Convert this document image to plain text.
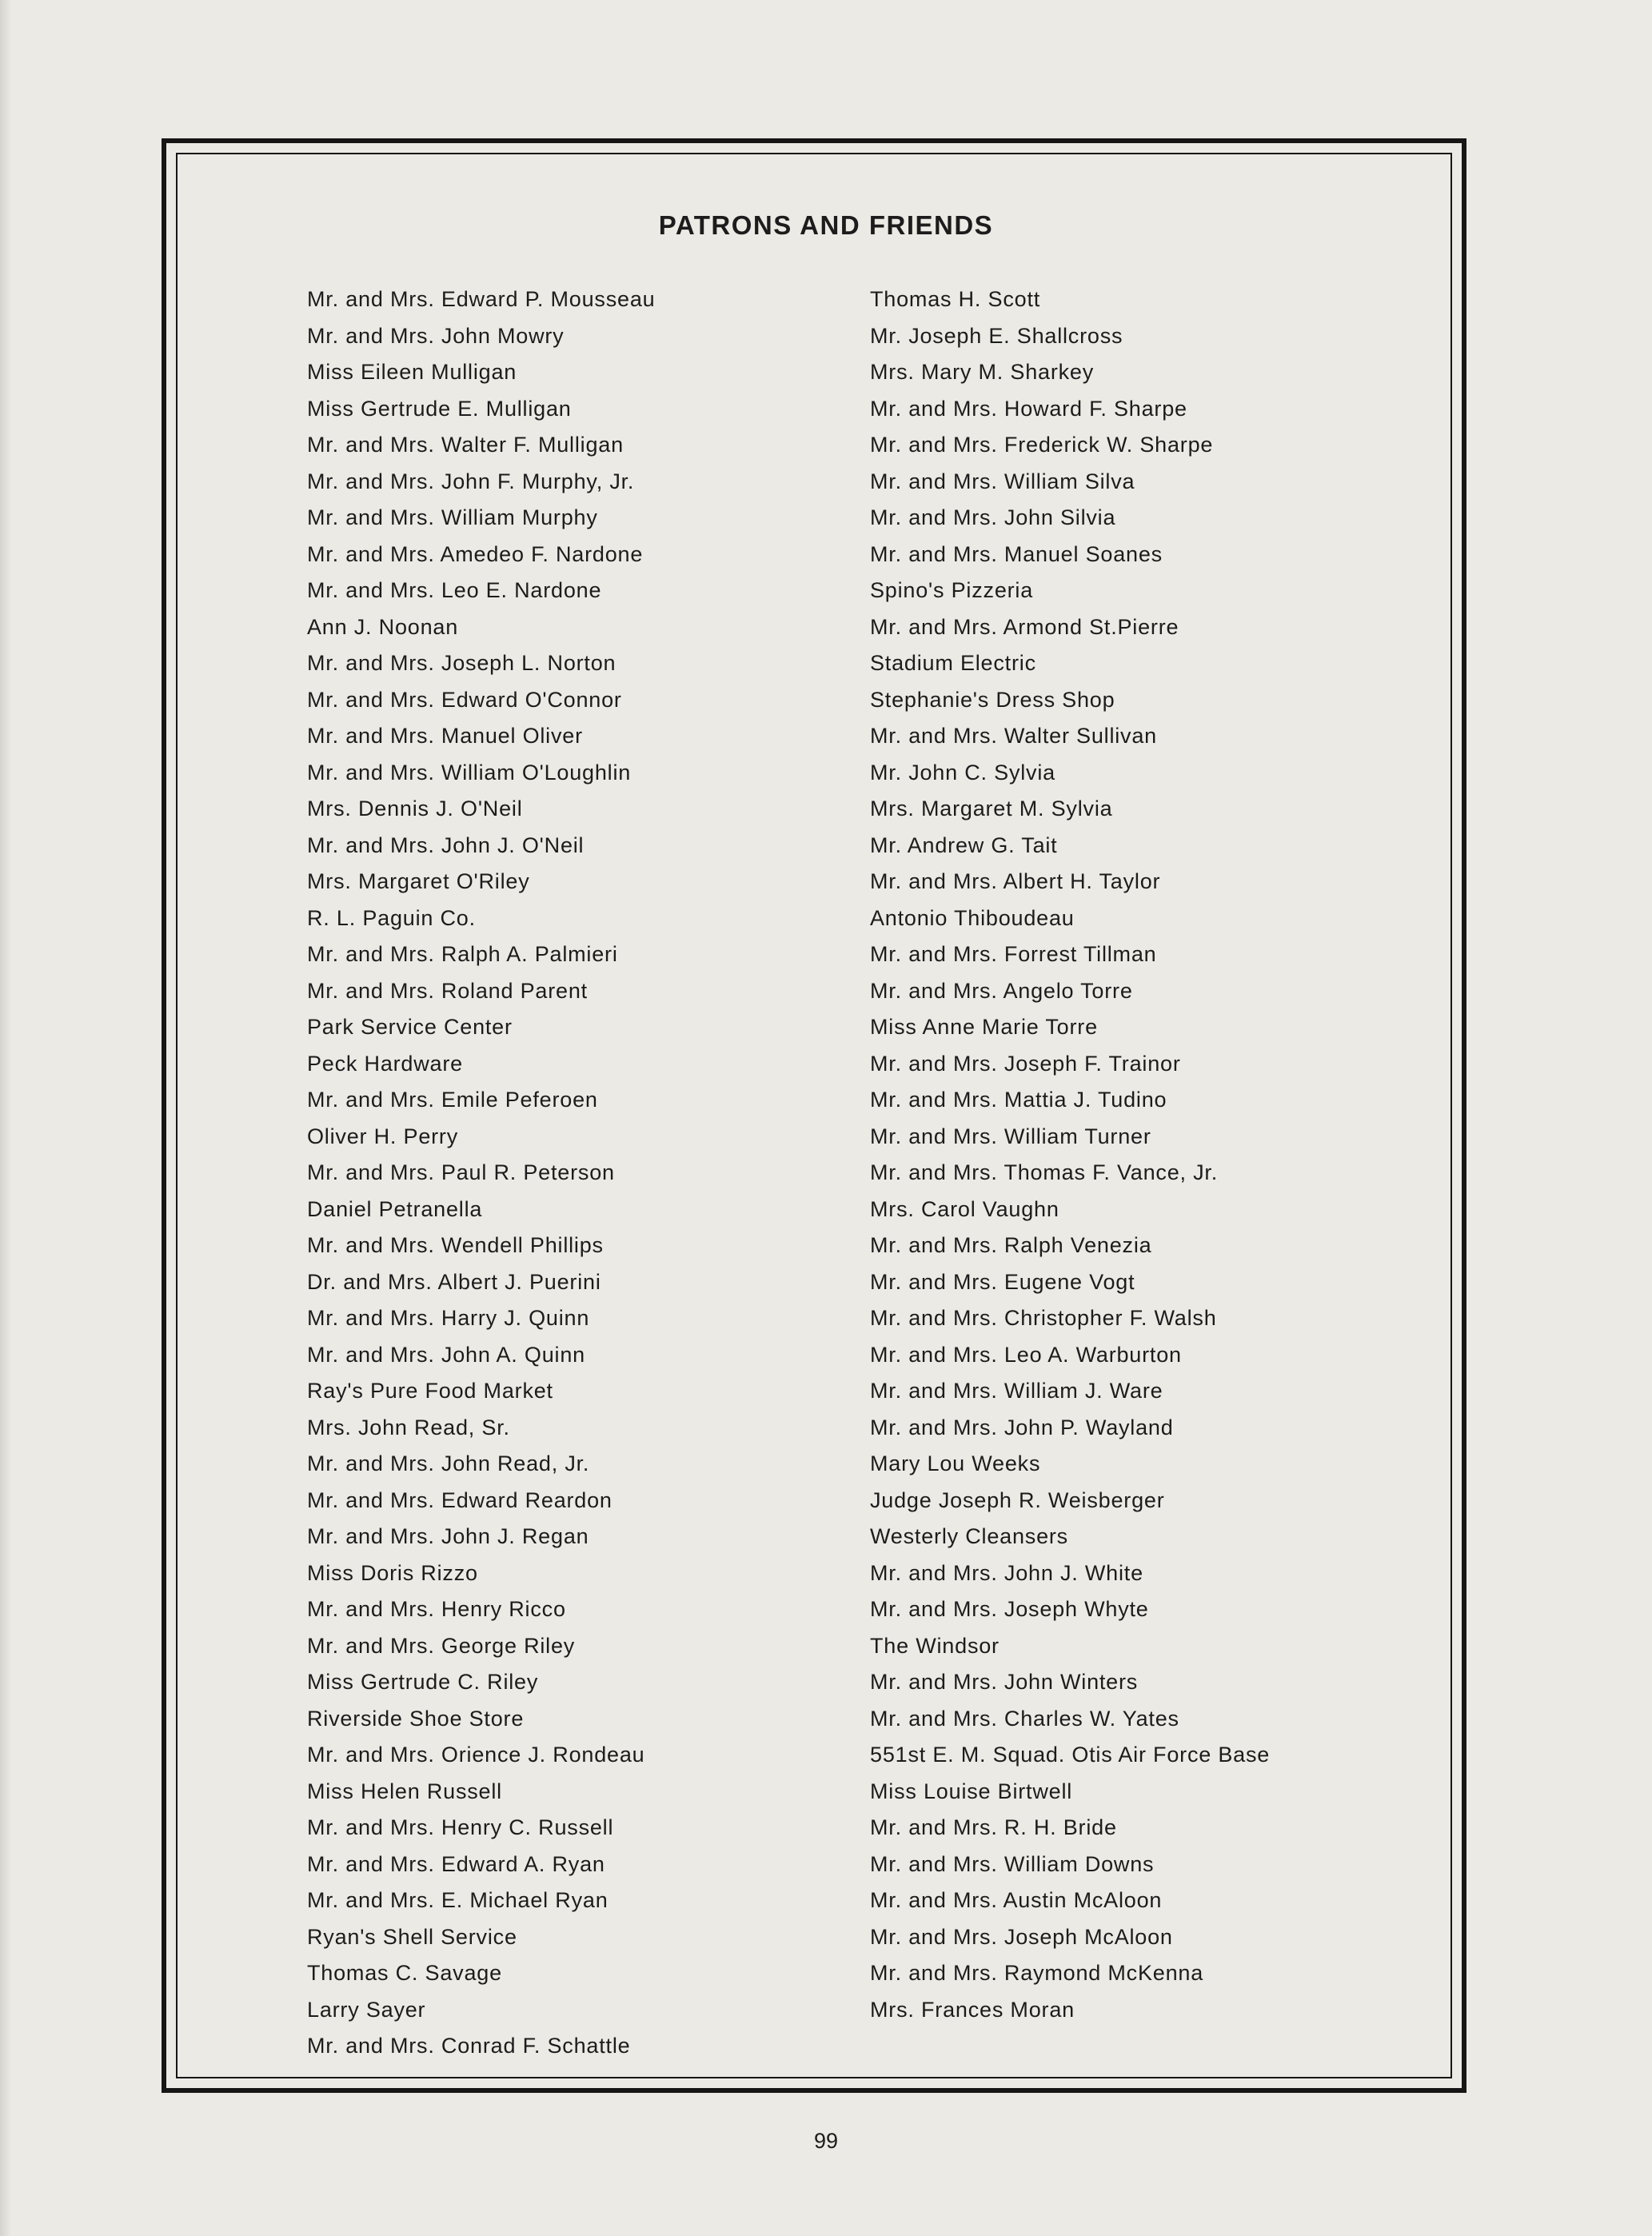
PATRONS AND FRIENDS
Mr. and Mrs. Edward P. Mousseau
Mr. and Mrs. John Mowry
Miss Eileen Mulligan
Miss Gertrude E. Mulligan
Mr. and Mrs. Walter F. Mulligan
Mr. and Mrs. John F. Murphy, Jr.
Mr. and Mrs. William Murphy
Mr. and Mrs. Amedeo F. Nardone
Mr. and Mrs. Leo E. Nardone
Ann J. Noonan
Mr. and Mrs. Joseph L. Norton
Mr. and Mrs. Edward O'Connor
Mr. and Mrs. Manuel Oliver
Mr. and Mrs. William O'Loughlin
Mrs. Dennis J. O'Neil
Mr. and Mrs. John J. O'Neil
Mrs. Margaret O'Riley
R. L. Paguin Co.
Mr. and Mrs. Ralph A. Palmieri
Mr. and Mrs. Roland Parent
Park Service Center
Peck Hardware
Mr. and Mrs. Emile Peferoen
Oliver H. Perry
Mr. and Mrs. Paul R. Peterson
Daniel Petranella
Mr. and Mrs. Wendell Phillips
Dr. and Mrs. Albert J. Puerini
Mr. and Mrs. Harry J. Quinn
Mr. and Mrs. John A. Quinn
Ray's Pure Food Market
Mrs. John Read, Sr.
Mr. and Mrs. John Read, Jr.
Mr. and Mrs. Edward Reardon
Mr. and Mrs. John J. Regan
Miss Doris Rizzo
Mr. and Mrs. Henry Ricco
Mr. and Mrs. George Riley
Miss Gertrude C. Riley
Riverside Shoe Store
Mr. and Mrs. Orience J. Rondeau
Miss Helen Russell
Mr. and Mrs. Henry C. Russell
Mr. and Mrs. Edward A. Ryan
Mr. and Mrs. E. Michael Ryan
Ryan's Shell Service
Thomas C. Savage
Larry Sayer
Mr. and Mrs. Conrad F. Schattle
Thomas H. Scott
Mr. Joseph E. Shallcross
Mrs. Mary M. Sharkey
Mr. and Mrs. Howard F. Sharpe
Mr. and Mrs. Frederick W. Sharpe
Mr. and Mrs. William Silva
Mr. and Mrs. John Silvia
Mr. and Mrs. Manuel Soanes
Spino's Pizzeria
Mr. and Mrs. Armond St.Pierre
Stadium Electric
Stephanie's Dress Shop
Mr. and Mrs. Walter Sullivan
Mr. John C. Sylvia
Mrs. Margaret M. Sylvia
Mr. Andrew G. Tait
Mr. and Mrs. Albert H. Taylor
Antonio Thiboudeau
Mr. and Mrs. Forrest Tillman
Mr. and Mrs. Angelo Torre
Miss Anne Marie Torre
Mr. and Mrs. Joseph F. Trainor
Mr. and Mrs. Mattia J. Tudino
Mr. and Mrs. William Turner
Mr. and Mrs. Thomas F. Vance, Jr.
Mrs. Carol Vaughn
Mr. and Mrs. Ralph Venezia
Mr. and Mrs. Eugene Vogt
Mr. and Mrs. Christopher F. Walsh
Mr. and Mrs. Leo A. Warburton
Mr. and Mrs. William J. Ware
Mr. and Mrs. John P. Wayland
Mary Lou Weeks
Judge Joseph R. Weisberger
Westerly Cleansers
Mr. and Mrs. John J. White
Mr. and Mrs. Joseph Whyte
The Windsor
Mr. and Mrs. John Winters
Mr. and Mrs. Charles W. Yates
551st E. M. Squad. Otis Air Force Base
Miss Louise Birtwell
Mr. and Mrs. R. H. Bride
Mr. and Mrs. William Downs
Mr. and Mrs. Austin McAloon
Mr. and Mrs. Joseph McAloon
Mr. and Mrs. Raymond McKenna
Mrs. Frances Moran
99
